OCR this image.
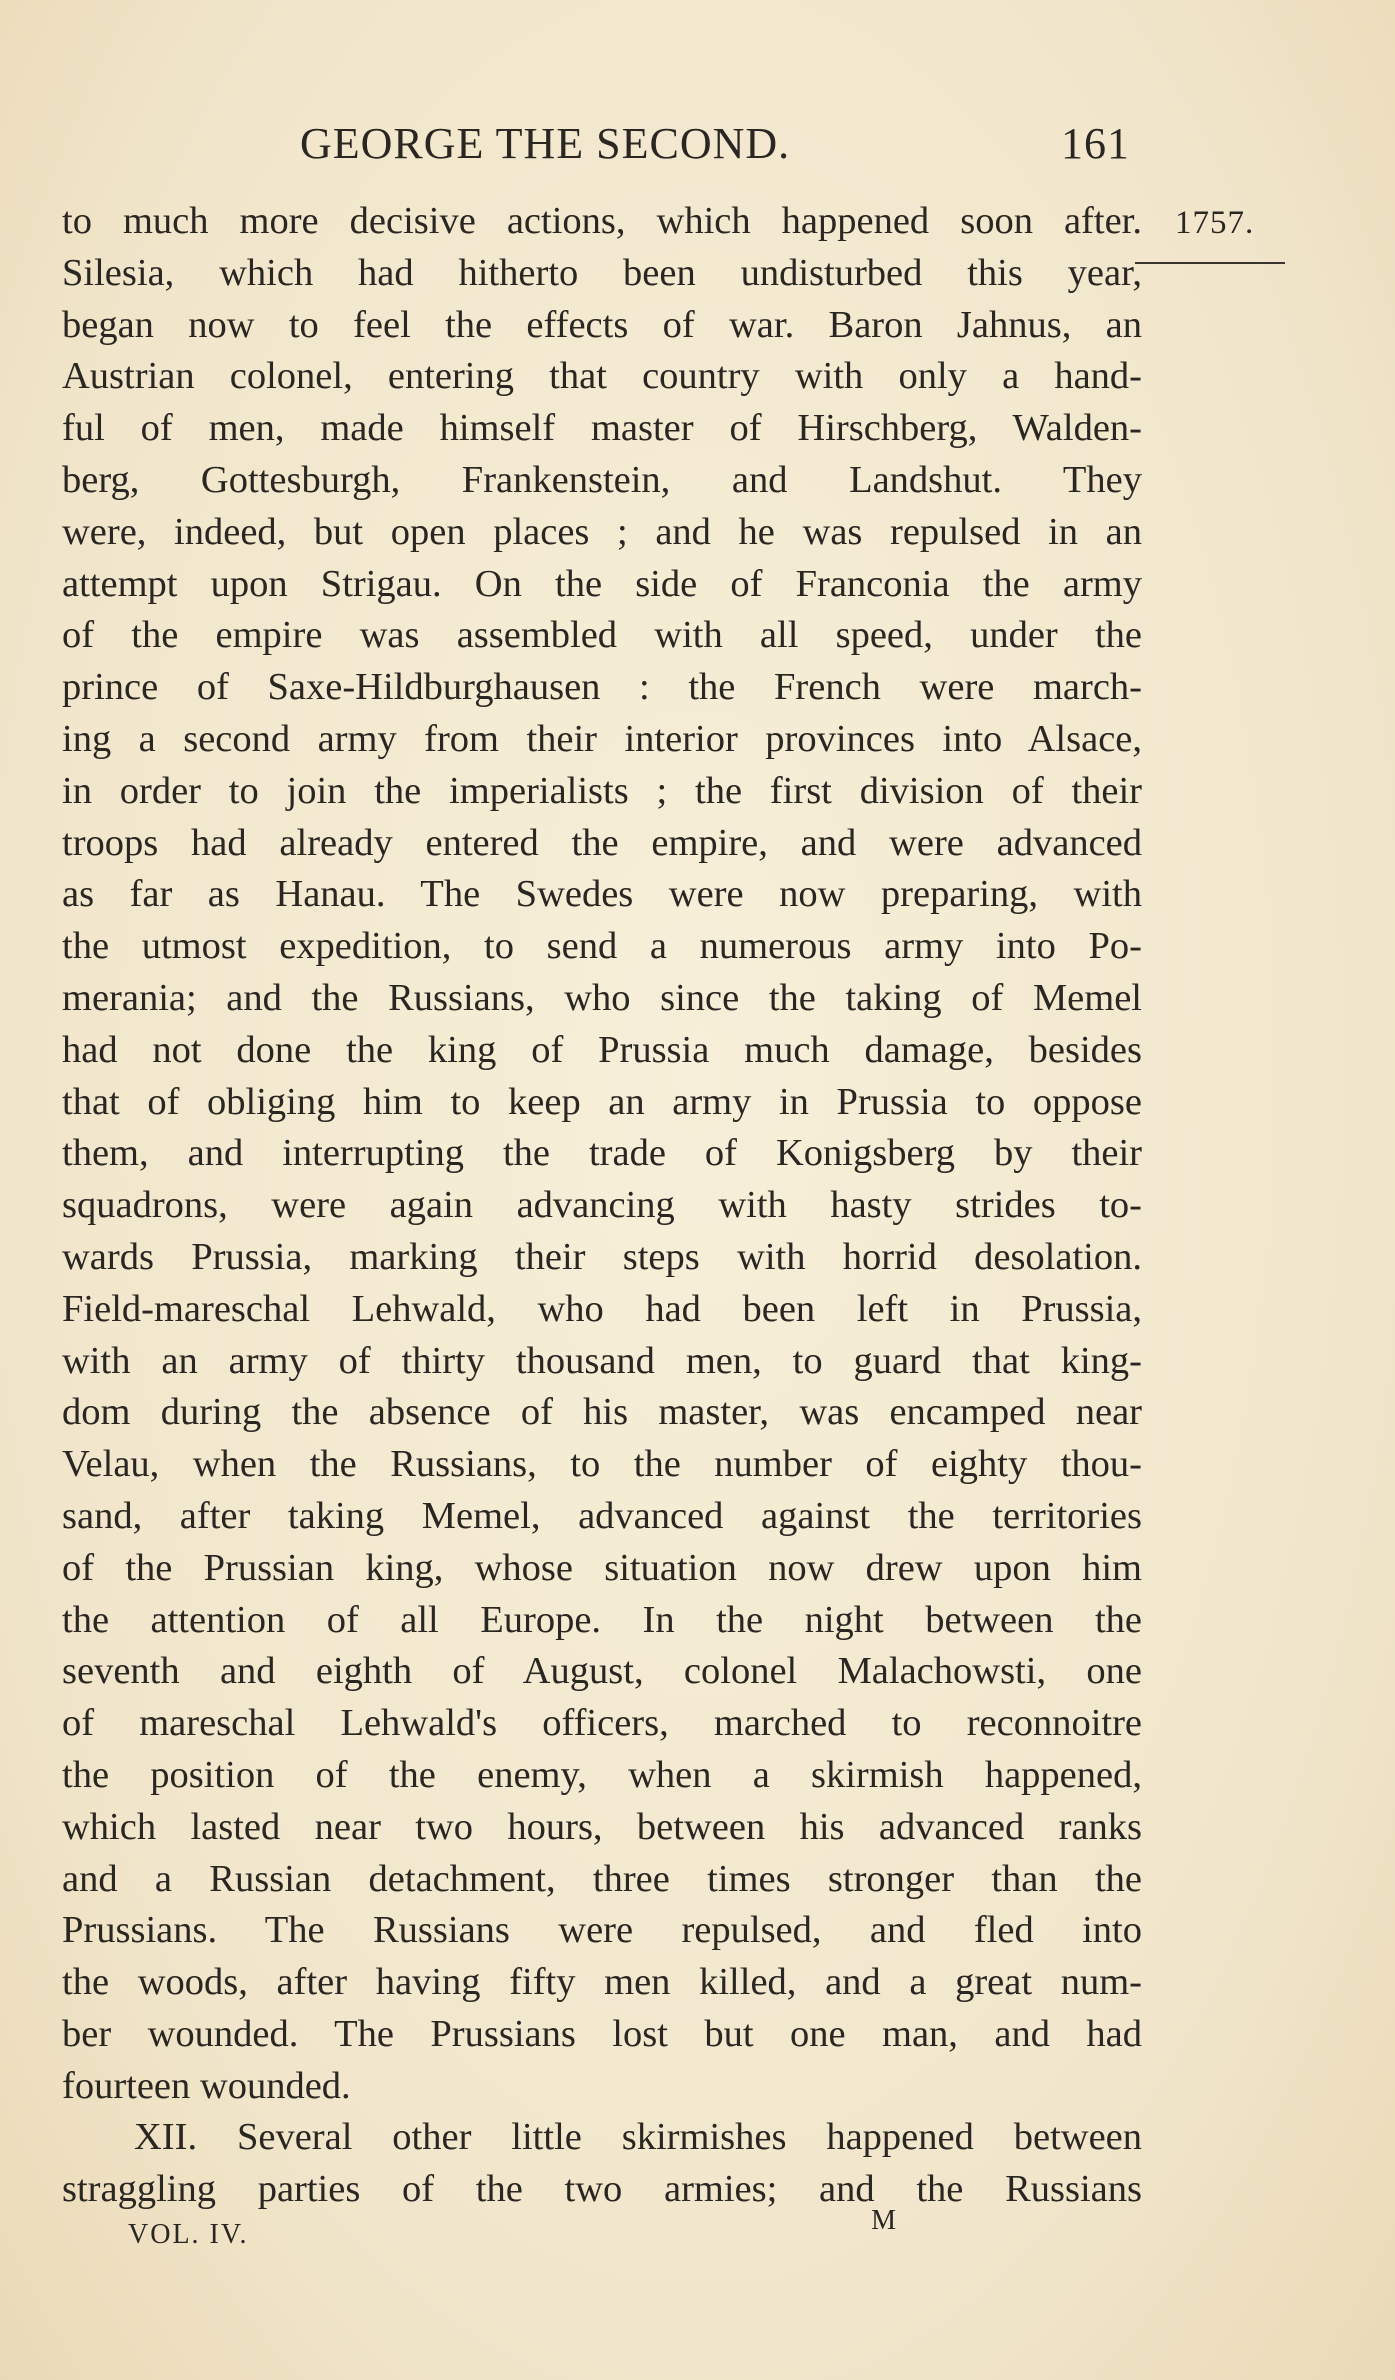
GEORGE THE SECOND.	161
1757.
to much more decisive actions, which happened soon after.
Silesia, which had hitherto been undisturbed this year,
began now to feel the effects of war. Baron Jahnus, an
Austrian colonel, entering that country with only a hand-
ful of men, made himself master of Hirschberg, Walden-
berg, Gottesburgh, Frankenstein, and Landshut. They
were, indeed, but open places ; and he was repulsed in an
attempt upon Strigau. On the side of Franconia the army
of the empire was assembled with all speed, under the
prince of Saxe-Hildburghausen : the French were march-
ing a second army from their interior provinces into Alsace,
in order to join the imperialists ; the first division of their
troops had already entered the empire, and were advanced
as far as Hanau. The Swedes were now preparing, with
the utmost expedition, to send a numerous army into Po-
merania; and the Russians, who since the taking of Memel
had not done the king of Prussia much damage, besides
that of obliging him to keep an army in Prussia to oppose
them, and interrupting the trade of Konigsberg by their
squadrons, were again advancing with hasty strides to-
wards Prussia, marking their steps with horrid desolation.
Field-mareschal Lehwald, who had been left in Prussia,
with an army of thirty thousand men, to guard that king-
dom during the absence of his master, was encamped near
Velau, when the Russians, to the number of eighty thou-
sand, after taking Memel, advanced against the territories
of the Prussian king, whose situation now drew upon him
the attention of all Europe. In the night between the
seventh and eighth of August, colonel Malachowsti, one
of mareschal Lehwald's officers, marched to reconnoitre
the position of the enemy, when a skirmish happened,
which lasted near two hours, between his advanced ranks
and a Russian detachment, three times stronger than the
Prussians. The Russians were repulsed, and fled into
the woods, after having fifty men killed, and a great num-
ber wounded. The Prussians lost but one man, and had
fourteen wounded.
XII. Several other little skirmishes happened between
straggling parties of the two armies; and the Russians
VOL. IV.	M
